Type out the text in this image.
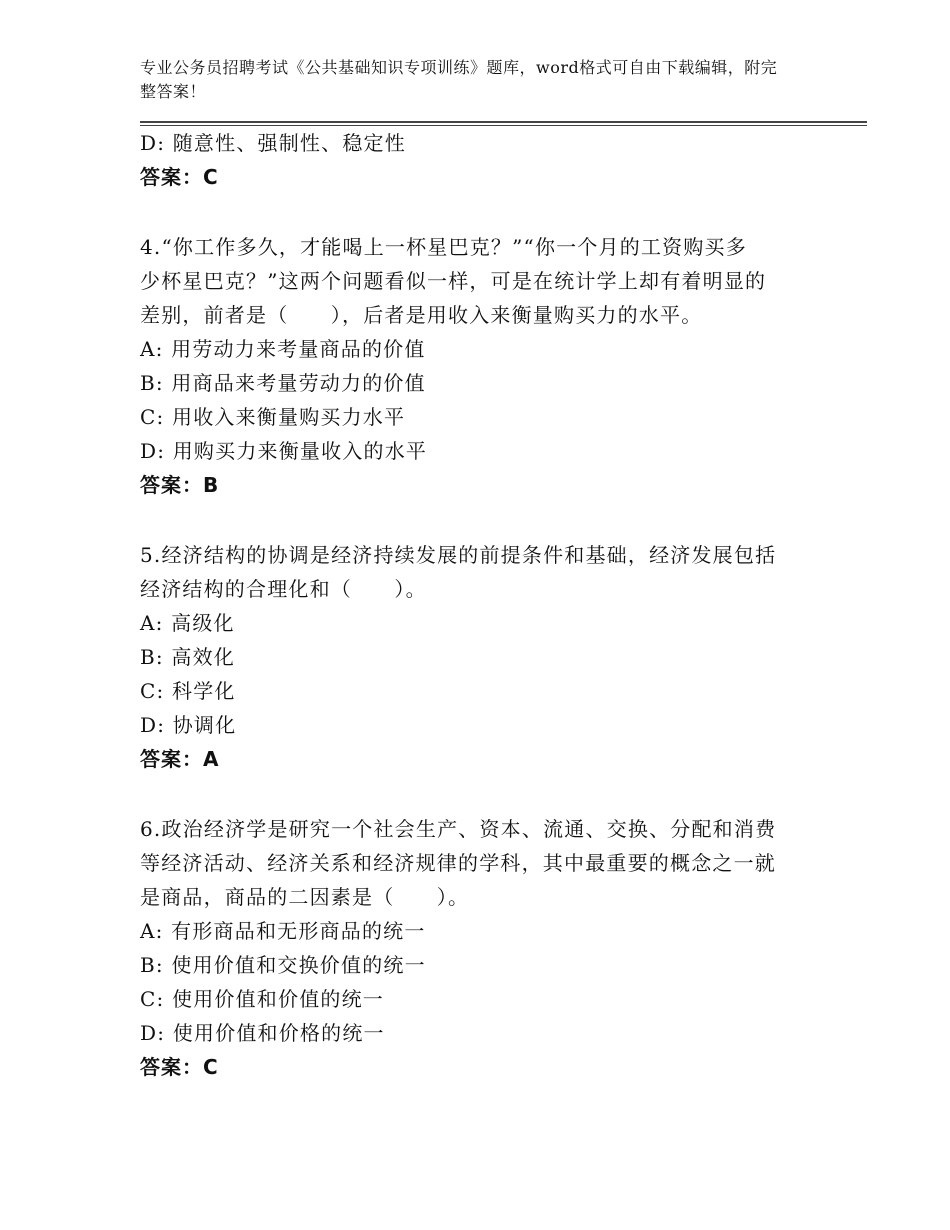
专业公务员招聘考试《公共基础知识专项训练》题库，word格式可自由下载编辑，附完整答案！
D: 随意性、强制性、稳定性
答案：C
4.“你工作多久，才能喝上一杯星巴克？”“你一个月的工资购买多
少杯星巴克？”这两个问题看似一样，可是在统计学上却有着明显的
差别，前者是（　　），后者是用收入来衡量购买力的水平。
A: 用劳动力来考量商品的价值
B: 用商品来考量劳动力的价值
C: 用收入来衡量购买力水平
D: 用购买力来衡量收入的水平
答案：B
5.经济结构的协调是经济持续发展的前提条件和基础，经济发展包括
经济结构的合理化和（　　）。
A: 高级化
B: 高效化
C: 科学化
D: 协调化
答案：A
6.政治经济学是研究一个社会生产、资本、流通、交换、分配和消费
等经济活动、经济关系和经济规律的学科，其中最重要的概念之一就
是商品，商品的二因素是（　　）。
A: 有形商品和无形商品的统一
B: 使用价值和交换价值的统一
C: 使用价值和价值的统一
D: 使用价值和价格的统一
答案：C
